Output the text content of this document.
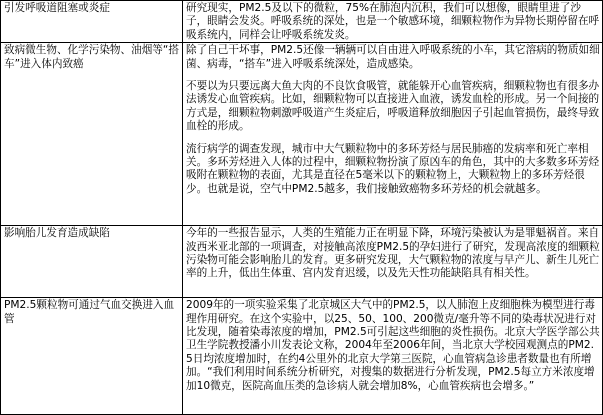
引发呼吸道阻塞或炎症	研究现实，PM2.5及以下的微粒，75%在肺泡内沉积，我们可以想像，眼睛里进了沙子，眼睛会发炎。呼吸系统的深处，也是一个敏感环境，细颗粒物作为异物长期停留在呼吸系统内，同样会让呼吸系统发炎。

致病微生物、化学污染物、油烟等“搭车”进入体内致癌	除了自己干坏事，PM2.5还像一辆辆可以自由进入呼吸系统的小车，其它溶病的物质如细菌、病毒，“搭车”进入呼吸系统深处，造成感染。

不要以为只要远离大鱼大肉的不良饮食吸管，就能躲开心血管疾病，细颗粒物也有很多办法诱发心血管疾病。比如，细颗粒物可以直接进入血液，诱发血栓的形成。另一个间接的方式是，细颗粒物刺激呼吸道产生炎症后，呼吸道释放细胞因子引起血管损伤，最终导致血栓的形成。

流行病学的调查发现，城市中大气颗粒物中的多环芳烃与居民肺癌的发病率和死亡率相关。多环芳烃进入人体的过程中，细颗粒物扮演了原凶车的角色，其中的大多数多环芳烃吸附在颗粒物的表面，尤其是直径在5毫米以下的颗粒物上，大颗粒物上的多环芳烃很少。也就是说，空气中PM2.5越多，我们接触致癌物多环芳烃的机会就越多。

影响胎儿发育造成缺陷	今年的一些报告显示，人类的生殖能力正在明显下降，环境污染被认为是罪魁祸首。来自波西米亚北部的一项调查，对接触高浓度PM2.5的孕妇进行了研究，发现高浓度的细颗粒污染物可能会影响胎儿的发育。更多研究发现，大气颗粒物的浓度与早产儿、新生儿死亡率的上升，低出生体重、宫内发育迟缓，以及先天性功能缺陷具有相关性。

PM2.5颗粒物可通过气血交换进入血管	2009年的一项实验采集了北京城区大气中的PM2.5，以人肺泡上皮细胞株为模型进行毒理作用研究。在这个实验中，以25、50、100、200微克/毫升等不同的染毒状况进行对比发现，随着染毒浓度的增加，PM2.5可引起这些细胞的炎性损伤。北京大学医学部公共卫生学院教授潘小川发表论文称，2004年至2006年间，当北京大学校园观测点的PM2.5日均浓度增加时，在约4公里外的北京大学第三医院，心血管病急诊患者数量也有所增加。“我们利用时间系统分析研究，对搜集的数据进行分析发现，PM2.5每立方米浓度增加10微克，医院高血压类的急诊病人就会增加8%，心血管疾病也会增多。”
